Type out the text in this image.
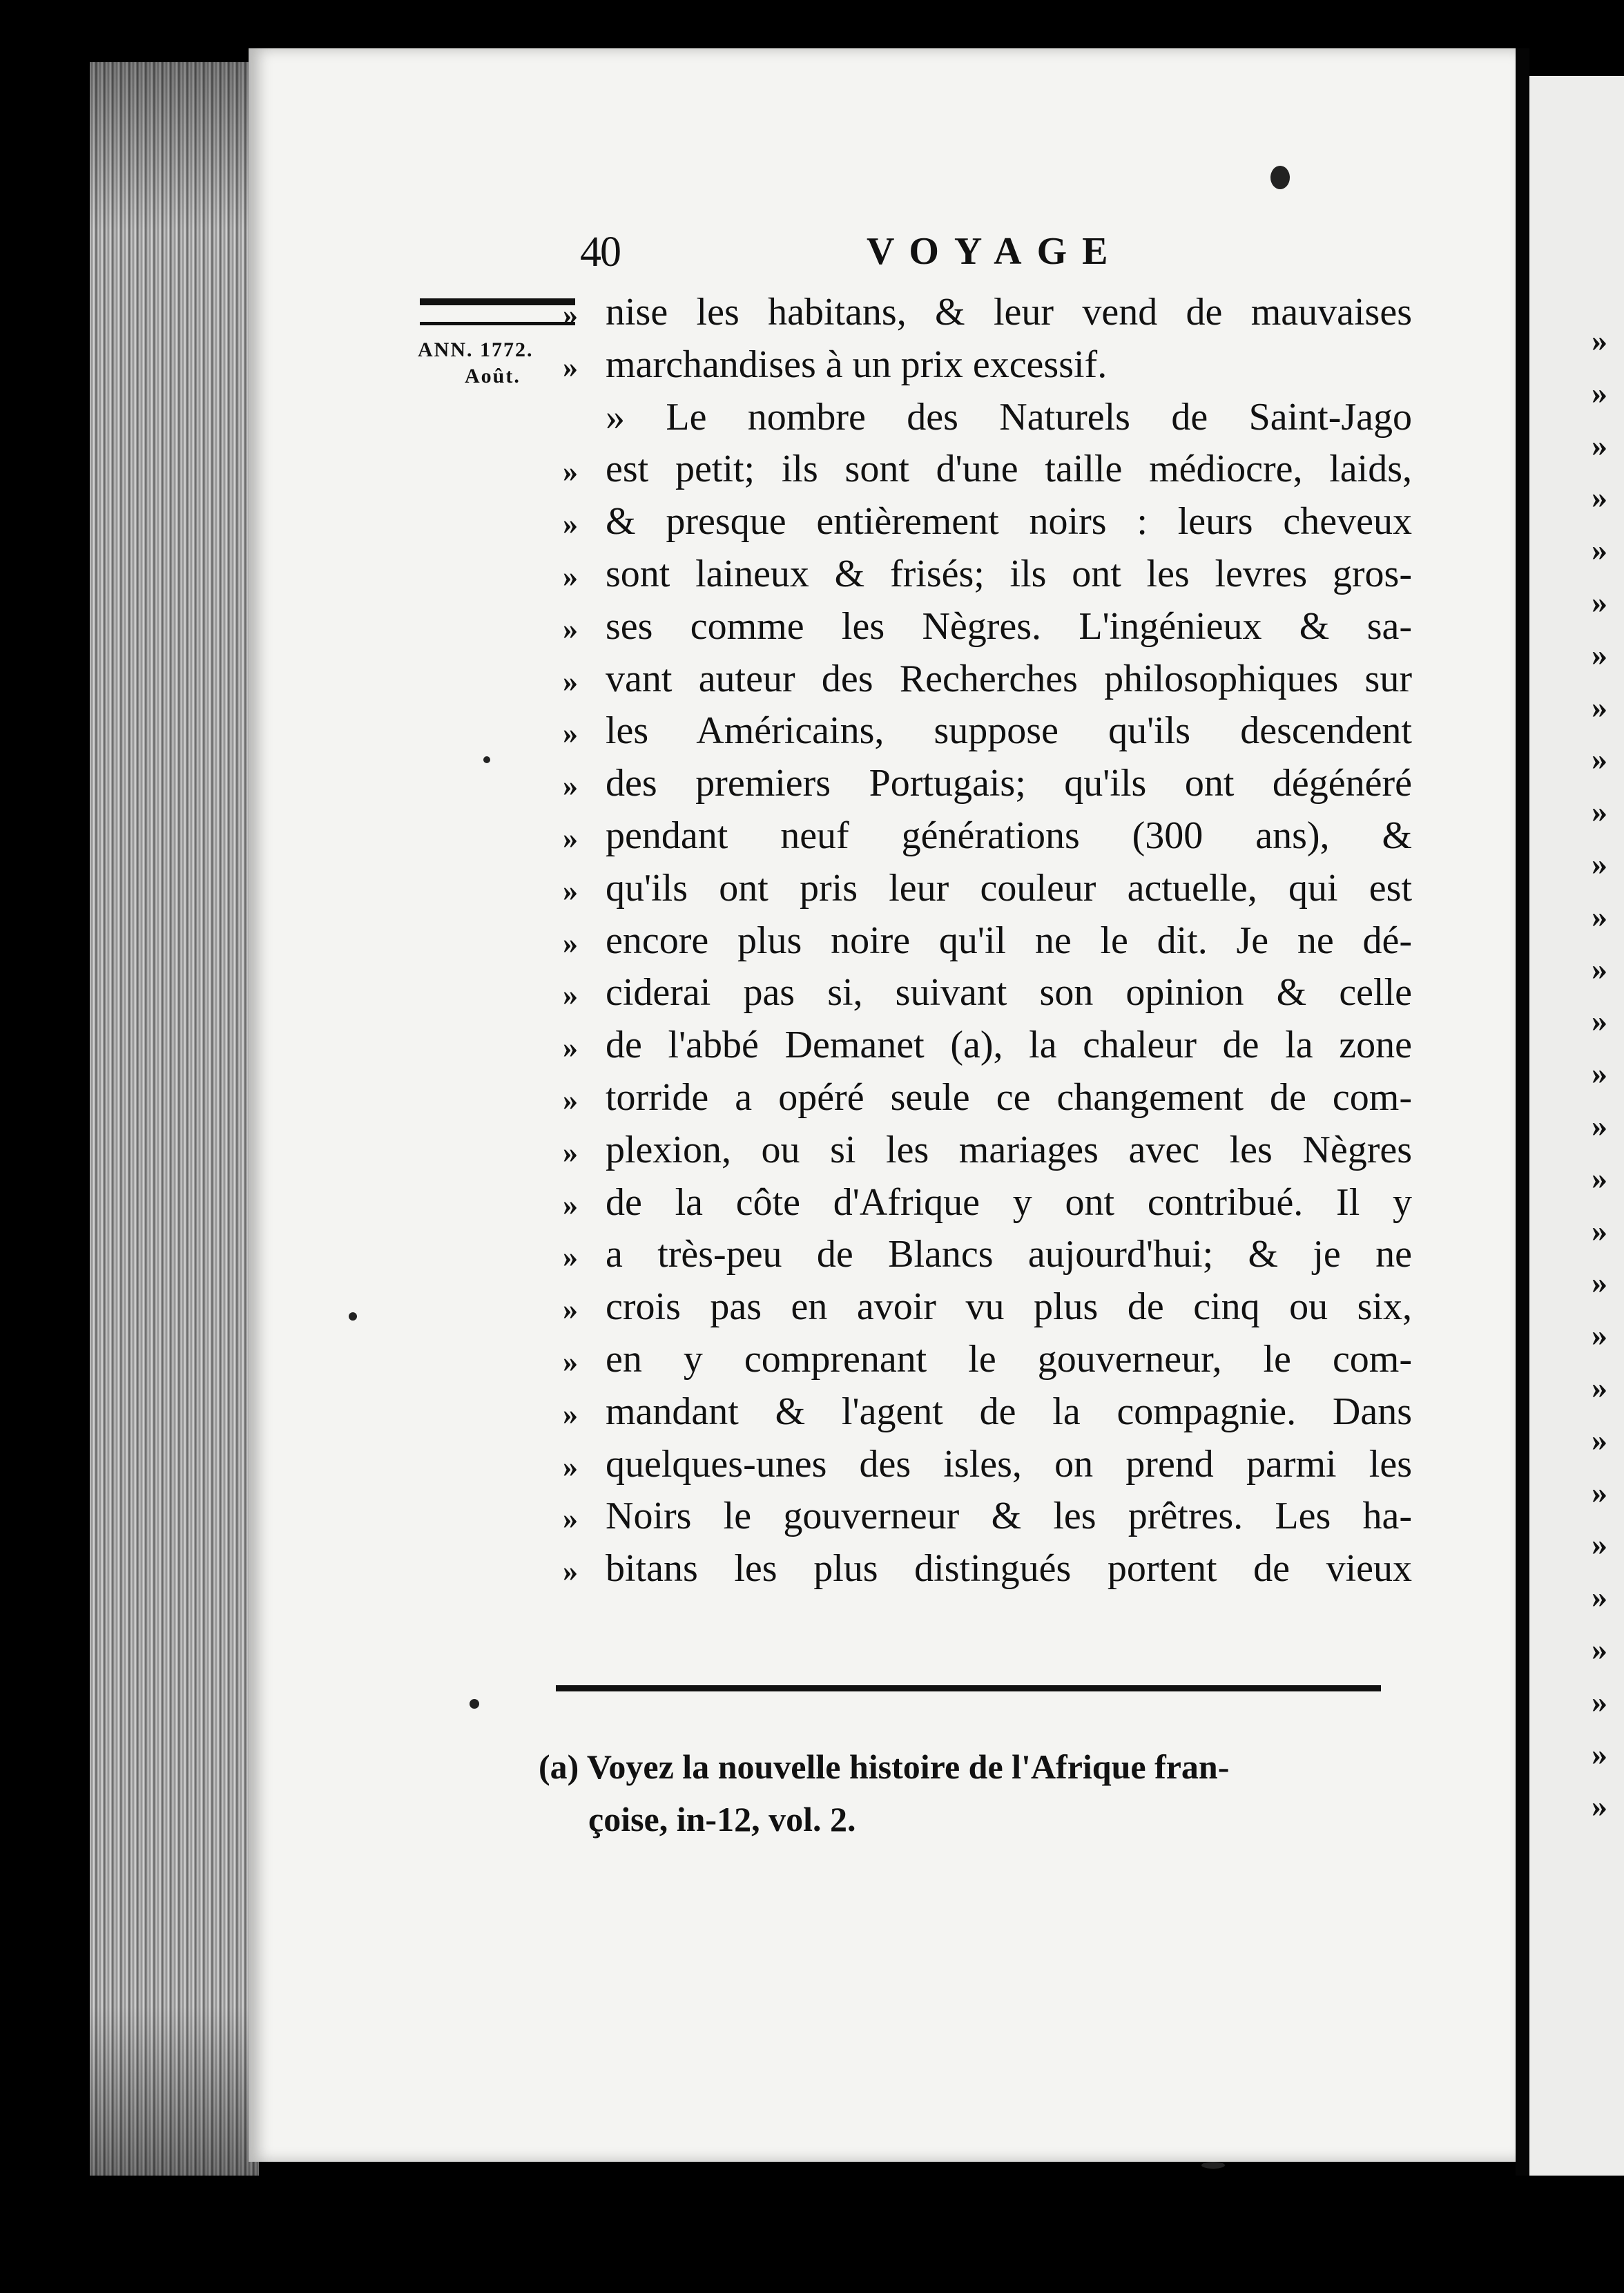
»
»
»
»
»
»
»
»
»
»
»
»
»
»
»
»
»
»
»
»
»
»
»
»
»
»
»
»
»
40	VOYAGE
ANN. 1772.
Août.
» nise les habitans, & leur vend de mauvaises
» marchandises à un prix excessif.
» Le nombre des Naturels de Saint-Jago
» est petit; ils sont d'une taille médiocre, laids,
» & presque entièrement noirs : leurs cheveux
» sont laineux & frisés; ils ont les levres gros-
» ses comme les Nègres. L'ingénieux & sa-
» vant auteur des Recherches philosophiques sur
» les Américains, suppose qu'ils descendent
» des premiers Portugais; qu'ils ont dégénéré
» pendant neuf générations (300 ans), &
» qu'ils ont pris leur couleur actuelle, qui est
» encore plus noire qu'il ne le dit. Je ne dé-
» ciderai pas si, suivant son opinion & celle
» de l'abbé Demanet (a), la chaleur de la zone
» torride a opéré seule ce changement de com-
» plexion, ou si les mariages avec les Nègres
» de la côte d'Afrique y ont contribué. Il y
» a très-peu de Blancs aujourd'hui; & je ne
» crois pas en avoir vu plus de cinq ou six,
» en y comprenant le gouverneur, le com-
» mandant & l'agent de la compagnie. Dans
» quelques-unes des isles, on prend parmi les
» Noirs le gouverneur & les prêtres. Les ha-
» bitans les plus distingués portent de vieux
(a) Voyez la nouvelle histoire de l'Afrique fran-
çoise, in-12, vol. 2.
